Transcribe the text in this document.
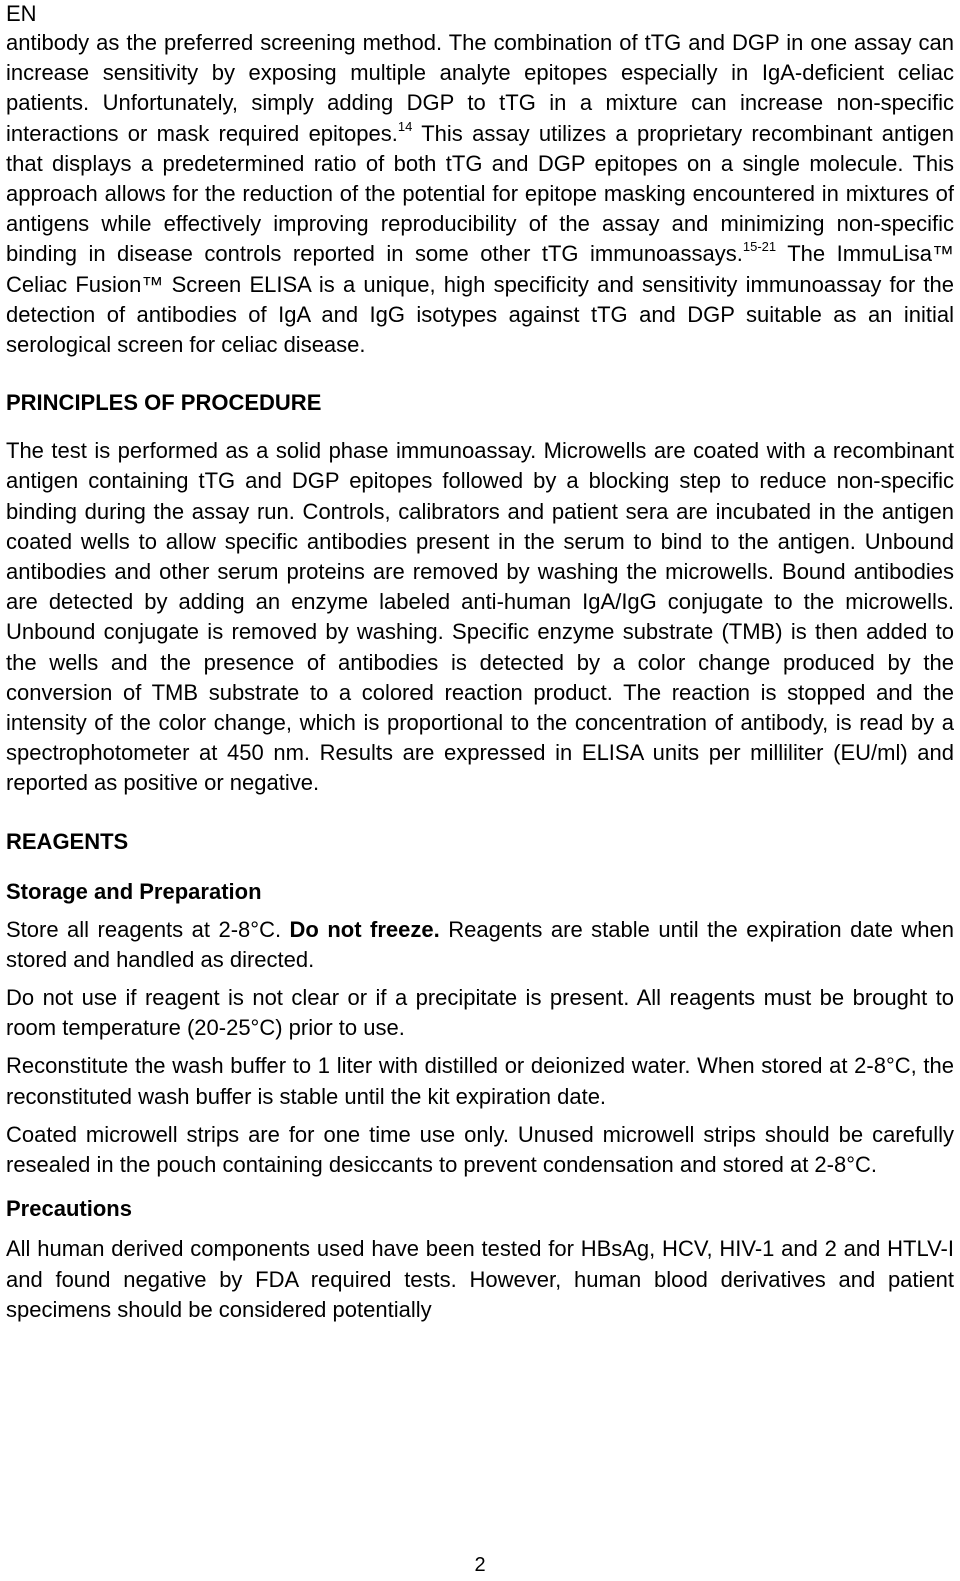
EN

antibody as the preferred screening method. The combination of tTG and DGP in one assay can increase sensitivity by exposing multiple analyte epitopes especially in IgA-deficient celiac patients. Unfortunately, simply adding DGP to tTG in a mixture can increase non-specific interactions or mask required epitopes.$^{14}$ This assay utilizes a proprietary recombinant antigen that displays a predetermined ratio of both tTG and DGP epitopes on a single molecule. This approach allows for the reduction of the potential for epitope masking encountered in mixtures of antigens while effectively improving reproducibility of the assay and minimizing non-specific binding in disease controls reported in some other tTG immunoassays.$^{15-21}$ The ImmuLisa™ Celiac Fusion™ Screen ELISA is a unique, high specificity and sensitivity immunoassay for the detection of antibodies of IgA and IgG isotypes against tTG and DGP suitable as an initial serological screen for celiac disease.

PRINCIPLES OF PROCEDURE

The test is performed as a solid phase immunoassay. Microwells are coated with a recombinant antigen containing tTG and DGP epitopes followed by a blocking step to reduce non-specific binding during the assay run. Controls, calibrators and patient sera are incubated in the antigen coated wells to allow specific antibodies present in the serum to bind to the antigen. Unbound antibodies and other serum proteins are removed by washing the microwells. Bound antibodies are detected by adding an enzyme labeled anti-human IgA/IgG conjugate to the microwells. Unbound conjugate is removed by washing. Specific enzyme substrate (TMB) is then added to the wells and the presence of antibodies is detected by a color change produced by the conversion of TMB substrate to a colored reaction product. The reaction is stopped and the intensity of the color change, which is proportional to the concentration of antibody, is read by a spectrophotometer at 450 nm. Results are expressed in ELISA units per milliliter (EU/ml) and reported as positive or negative.

REAGENTS
Storage and Preparation

Store all reagents at 2-8°C. Do not freeze. Reagents are stable until the expiration date when stored and handled as directed.

Do not use if reagent is not clear or if a precipitate is present. All reagents must be brought to room temperature (20-25°C) prior to use.

Reconstitute the wash buffer to 1 liter with distilled or deionized water. When stored at 2-8°C, the reconstituted wash buffer is stable until the kit expiration date.

Coated microwell strips are for one time use only. Unused microwell strips should be carefully resealed in the pouch containing desiccants to prevent condensation and stored at 2-8°C.

Precautions

All human derived components used have been tested for HBsAg, HCV, HIV-1 and 2 and HTLV-I and found negative by FDA required tests. However, human blood derivatives and patient specimens should be considered potentially

2
